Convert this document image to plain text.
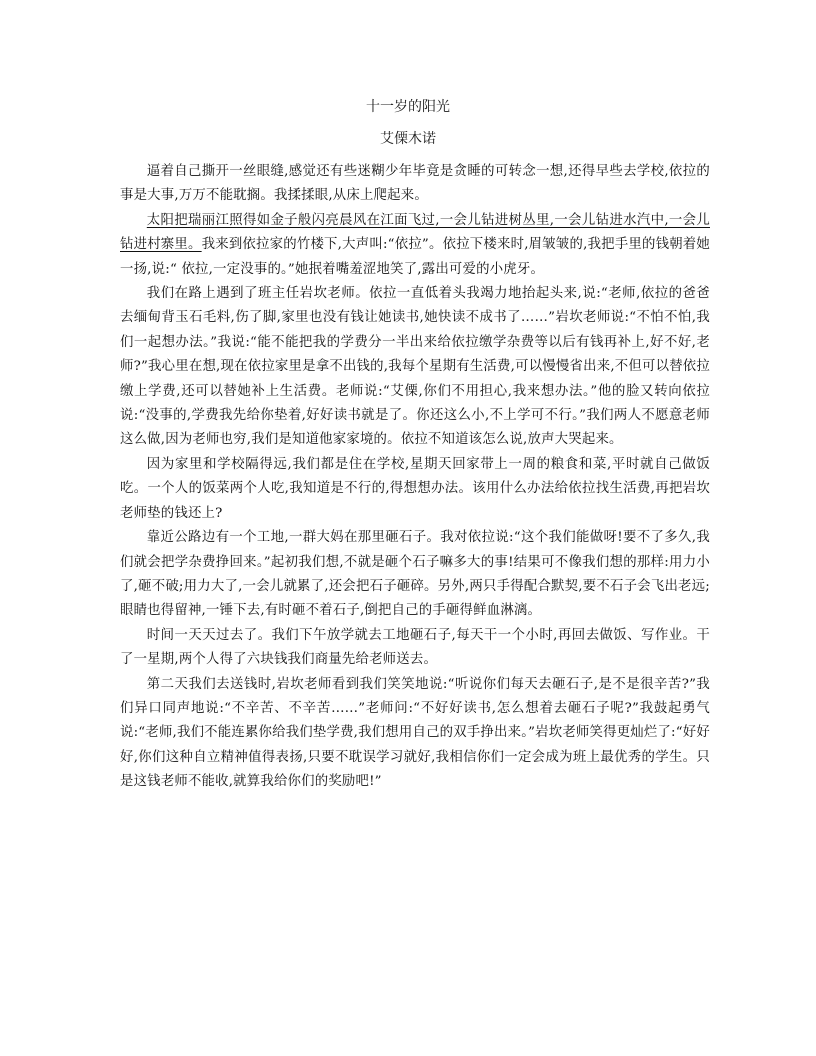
十一岁的阳光
艾傈木诺

逼着自己撕开一丝眼缝,感觉还有些迷糊少年毕竟是贪睡的可转念一想,还得早些去学校,依拉的事是大事,万万不能耽搁。我揉揉眼,从床上爬起来。

太阳把瑞丽江照得如金子般闪亮晨风在江面飞过,一会儿钻进树丛里,一会儿钻进水汽中,一会儿钻进村寨里。我来到依拉家的竹楼下,大声叫:“依拉”。依拉下楼来时,眉皱皱的,我把手里的钱朝着她一扬,说:“ 依拉,一定没事的。”她抿着嘴羞涩地笑了,露出可爱的小虎牙。

我们在路上遇到了班主任岩坎老师。依拉一直低着头我竭力地抬起头来,说:“老师,依拉的爸爸去缅甸背玉石毛料,伤了脚,家里也没有钱让她读书,她快读不成书了……”岩坎老师说:“不怕不怕,我们一起想办法。”我说:“能不能把我的学费分一半出来给依拉缴学杂费等以后有钱再补上,好不好,老师?”我心里在想,现在依拉家里是拿不出钱的,我每个星期有生活费,可以慢慢省出来,不但可以替依拉缴上学费,还可以替她补上生活费。老师说:“艾傈,你们不用担心,我来想办法。”他的脸又转向依拉说:“没事的,学费我先给你垫着,好好读书就是了。你还这么小,不上学可不行。”我们两人不愿意老师这么做,因为老师也穷,我们是知道他家家境的。依拉不知道该怎么说,放声大哭起来。

因为家里和学校隔得远,我们都是住在学校,星期天回家带上一周的粮食和菜,平时就自己做饭吃。一个人的饭菜两个人吃,我知道是不行的,得想想办法。该用什么办法给依拉找生活费,再把岩坎老师垫的钱还上?

靠近公路边有一个工地,一群大妈在那里砸石子。我对依拉说:“这个我们能做呀!要不了多久,我们就会把学杂费挣回来。”起初我们想,不就是砸个石子嘛多大的事!结果可不像我们想的那样:用力小了,砸不破;用力大了,一会儿就累了,还会把石子砸碎。另外,两只手得配合默契,要不石子会飞出老远;眼睛也得留神,一锤下去,有时砸不着石子,倒把自己的手砸得鲜血淋漓。

时间一天天过去了。我们下午放学就去工地砸石子,每天干一个小时,再回去做饭、写作业。干了一星期,两个人得了六块钱我们商量先给老师送去。

第二天我们去送钱时,岩坎老师看到我们笑笑地说:“听说你们每天去砸石子,是不是很辛苦?”我们异口同声地说:“不辛苦、不辛苦……”老师问:“不好好读书,怎么想着去砸石子呢?”我鼓起勇气说:“老师,我们不能连累你给我们垫学费,我们想用自己的双手挣出来。”岩坎老师笑得更灿烂了:“好好好,你们这种自立精神值得表扬,只要不耽误学习就好,我相信你们一定会成为班上最优秀的学生。只是这钱老师不能收,就算我给你们的奖励吧!”
